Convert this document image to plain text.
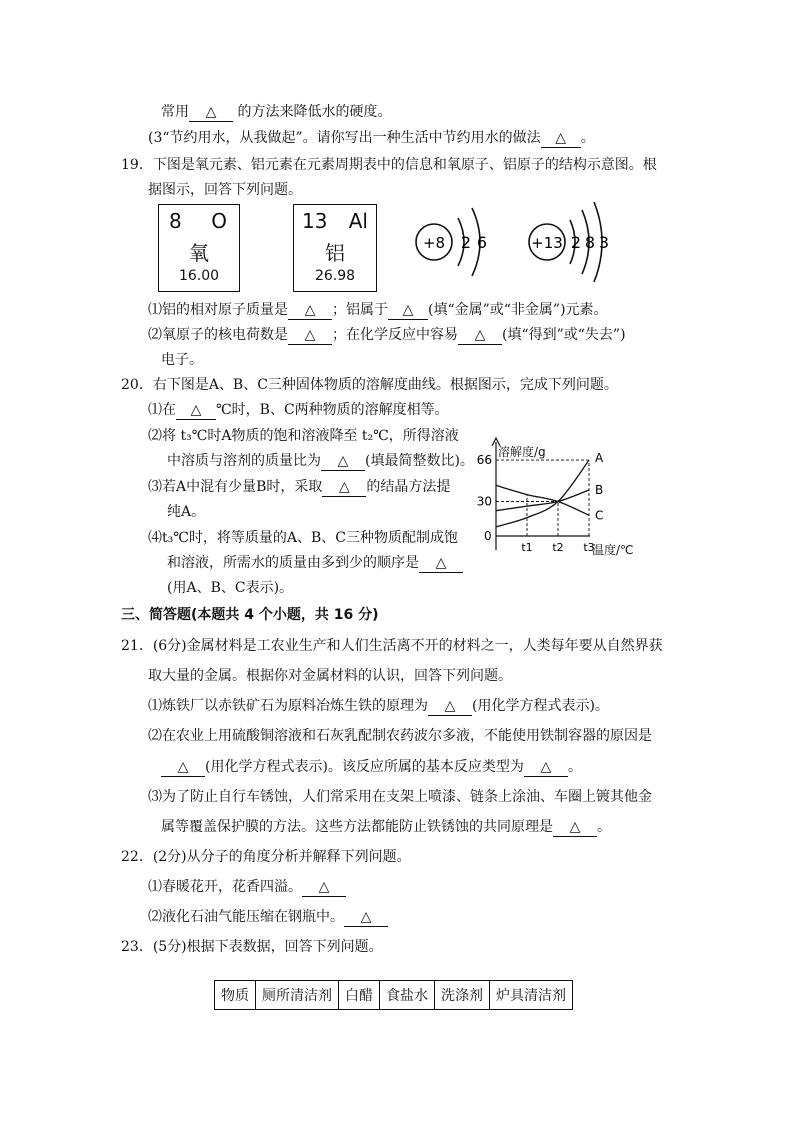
常用 △ 的方法来降低水的硬度。
(3“节约用水，从我做起”。请你写出一种生活中节约用水的做法 △ 。
19．下图是氧元素、铝元素在元素周期表中的信息和氧原子、铝原子的结构示意图。根
据图示，回答下列问题。
8 O
氧
16.00
13 Al
铝
26.98
+8 2 6	+13 2 8 3
⑴铝的相对原子质量是 △ ；铝属于 △ (填“金属”或“非金属”)元素。
⑵氧原子的核电荷数是 △ ；在化学反应中容易 △ (填“得到”或“失去”)
电子。
20．右下图是A、B、C三种固体物质的溶解度曲线。根据图示，完成下列问题。
⑴在 △ ℃时，B、C两种物质的溶解度相等。
⑵将 t₃℃时A物质的饱和溶液降至 t₂℃，所得溶液
中溶质与溶剂的质量比为 △ (填最简整数比)。
⑶若A中混有少量B时，采取 △ 的结晶方法提
纯A。
⑷t₃℃时，将等质量的A、B、C三种物质配制成饱
和溶液，所需水的质量由多到少的顺序是 △
(用A、B、C表示)。
溶解度/g
温度/℃
0
30
66
t1 t2 t3
A
B
C
三、简答题(本题共 4 个小题，共 16 分)
21．(6分)金属材料是工农业生产和人们生活离不开的材料之一，人类每年要从自然界获
取大量的金属。根据你对金属材料的认识，回答下列问题。
⑴炼铁厂以赤铁矿石为原料冶炼生铁的原理为 △ (用化学方程式表示)。
⑵在农业上用硫酸铜溶液和石灰乳配制农药波尔多液，不能使用铁制容器的原因是
△ (用化学方程式表示)。该反应所属的基本反应类型为 △ 。
⑶为了防止自行车锈蚀，人们常采用在支架上喷漆、链条上涂油、车圈上镀其他金
属等覆盖保护膜的方法。这些方法都能防止铁锈蚀的共同原理是 △ 。
22．(2分)从分子的角度分析并解释下列问题。
⑴春暖花开，花香四溢。 △
⑵液化石油气能压缩在钢瓶中。 △
23．(5分)根据下表数据，回答下列问题。
物质	厕所清洁剂	白醋	食盐水	洗涤剂	炉具清洁剂
